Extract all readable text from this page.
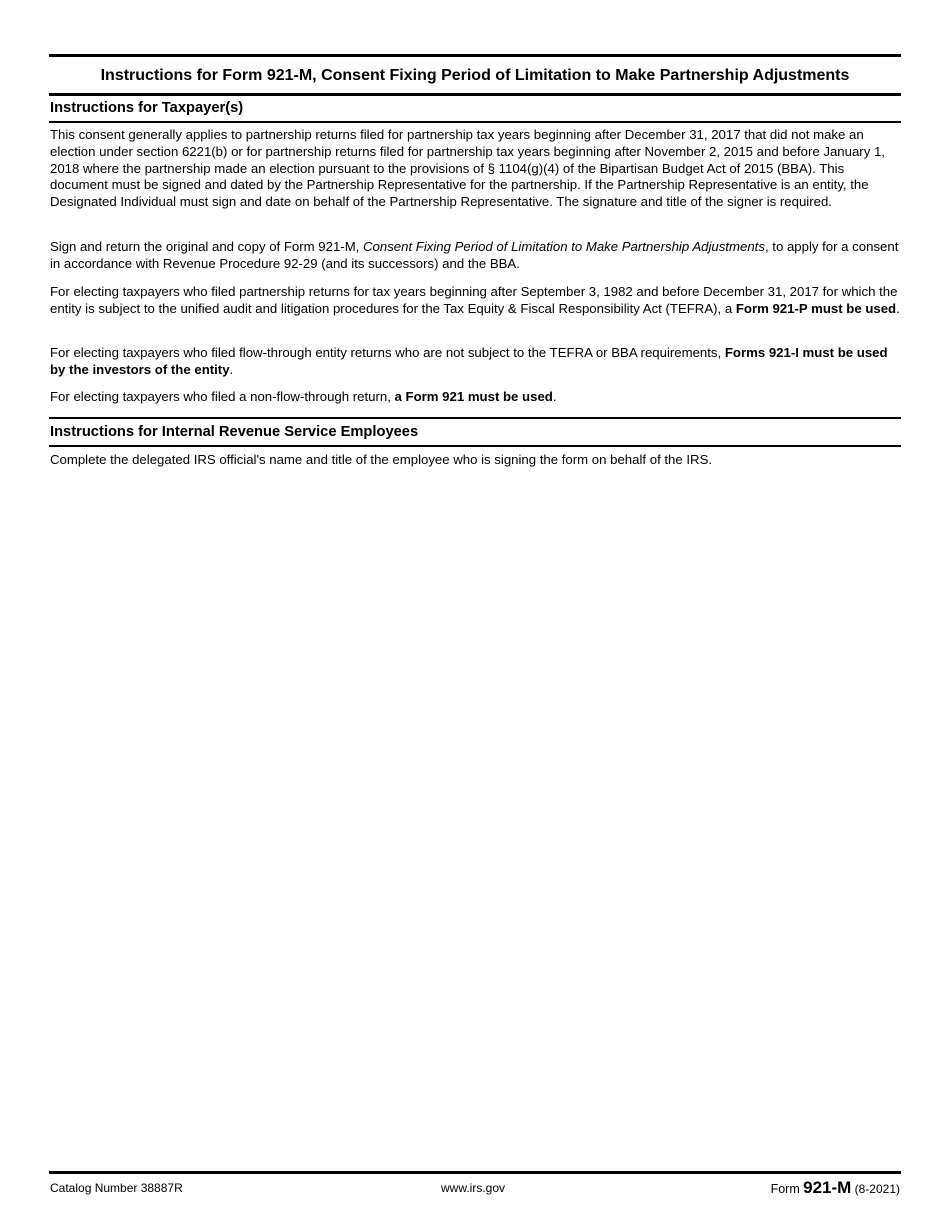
Instructions for Form 921-M, Consent Fixing Period of Limitation to Make Partnership Adjustments
Instructions for Taxpayer(s)

This consent generally applies to partnership returns filed for partnership tax years beginning after December 31, 2017 that did not make an election under section 6221(b) or for partnership returns filed for partnership tax years beginning after November 2, 2015 and before January 1, 2018 where the partnership made an election pursuant to the provisions of § 1104(g)(4) of the Bipartisan Budget Act of 2015 (BBA). This document must be signed and dated by the Partnership Representative for the partnership. If the Partnership Representative is an entity, the Designated Individual must sign and date on behalf of the Partnership Representative. The signature and title of the signer is required.

Sign and return the original and copy of Form 921-M, Consent Fixing Period of Limitation to Make Partnership Adjustments, to apply for a consent in accordance with Revenue Procedure 92-29 (and its successors) and the BBA.

For electing taxpayers who filed partnership returns for tax years beginning after September 3, 1982 and before December 31, 2017 for which the entity is subject to the unified audit and litigation procedures for the Tax Equity & Fiscal Responsibility Act (TEFRA), a Form 921-P must be used.

For electing taxpayers who filed flow-through entity returns who are not subject to the TEFRA or BBA requirements, Forms 921-I must be used by the investors of the entity.

For electing taxpayers who filed a non-flow-through return, a Form 921 must be used.

Instructions for Internal Revenue Service Employees

Complete the delegated IRS official's name and title of the employee who is signing the form on behalf of the IRS.

Catalog Number 38887R	www.irs.gov	Form 921-M (8-2021)
